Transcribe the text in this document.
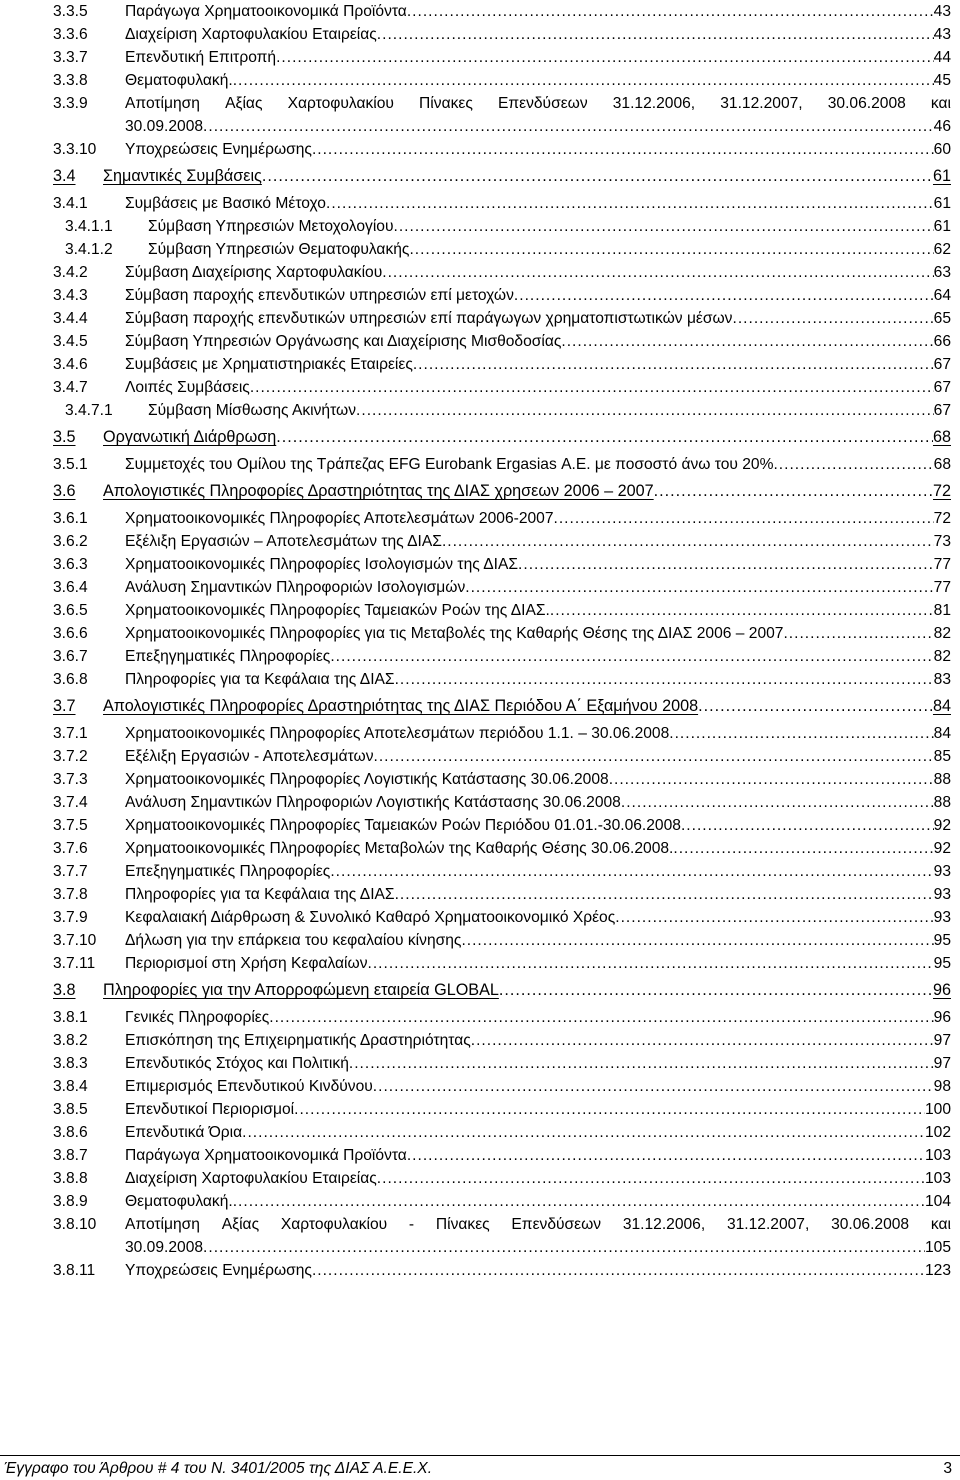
3.3.5 Παράγωγα Χρηματοοικονομικά Προϊόντα .....	43
3.3.6 Διαχείριση Χαρτοφυλακίου Εταιρείας .....	43
3.3.7 Επενδυτική Επιτροπή .....	44
3.3.8 Θεματοφυλακή. .....	45
3.3.9 Αποτίμηση Αξίας Χαρτοφυλακίου Πίνακες Επενδύσεων 31.12.2006, 31.12.2007, 30.06.2008 και
30.09.2008 .....	46
3.3.10 Υποχρεώσεις Ενημέρωσης .....	60
3.4 Σημαντικές Συμβάσεις .....	61
3.4.1 Συμβάσεις με Βασικό Μέτοχο .....	61
3.4.1.1 Σύμβαση Υπηρεσιών Μετοχολογίου .....	61
3.4.1.2 Σύμβαση Υπηρεσιών Θεματοφυλακής .....	62
3.4.2 Σύμβαση Διαχείρισης Χαρτοφυλακίου .....	63
3.4.3 Σύμβαση παροχής επενδυτικών υπηρεσιών επί μετοχών .....	64
3.4.4 Σύμβαση παροχής επενδυτικών υπηρεσιών επί παράγωγων χρηματοπιστωτικών μέσων .....	65
3.4.5 Σύμβαση Υπηρεσιών Οργάνωσης και Διαχείρισης Μισθοδοσίας .....	66
3.4.6 Συμβάσεις με Χρηματιστηριακές Εταιρείες .....	67
3.4.7 Λοιπές Συμβάσεις .....	67
3.4.7.1 Σύμβαση Μίσθωσης Ακινήτων .....	67
3.5 Οργανωτική Διάρθρωση .....	68
3.5.1 Συμμετοχές του Ομίλου της Τράπεζας EFG Eurobank Ergasias Α.Ε. με ποσοστό άνω του 20% .....	68
3.6 Απολογιστικές Πληροφορίες Δραστηριότητας της ΔΙΑΣ χρησεων 2006 – 2007 .....	72
3.6.1 Χρηματοοικονομικές Πληροφορίες Αποτελεσμάτων 2006-2007 .....	72
3.6.2 Εξέλιξη Εργασιών – Αποτελεσμάτων της ΔΙΑΣ .....	73
3.6.3 Χρηματοοικονομικές Πληροφορίες Ισολογισμών της ΔΙΑΣ .....	77
3.6.4 Ανάλυση Σημαντικών Πληροφοριών Ισολογισμών .....	77
3.6.5 Χρηματοοικονομικές Πληροφορίες Ταμειακών Ροών της ΔΙΑΣ. .....	81
3.6.6 Χρηματοοικονομικές Πληροφορίες για τις Μεταβολές της Καθαρής Θέσης της ΔΙΑΣ 2006 – 2007 .....	82
3.6.7 Επεξηγηματικές Πληροφορίες .....	82
3.6.8 Πληροφορίες για τα Κεφάλαια της ΔΙΑΣ .....	83
3.7 Απολογιστικές Πληροφορίες Δραστηριότητας της ΔΙΑΣ Περιόδου Α΄ Εξαμήνου 2008 .....	84
3.7.1 Χρηματοοικονομικές Πληροφορίες Αποτελεσμάτων περιόδου 1.1. – 30.06.2008 .....	84
3.7.2 Εξέλιξη Εργασιών - Αποτελεσμάτων .....	85
3.7.3 Χρηματοοικονομικές Πληροφορίες Λογιστικής Κατάστασης 30.06.2008 .....	88
3.7.4 Ανάλυση Σημαντικών Πληροφοριών Λογιστικής Κατάστασης 30.06.2008 .....	88
3.7.5 Χρηματοοικονομικές Πληροφορίες Ταμειακών Ροών Περιόδου 01.01.-30.06.2008 .....	92
3.7.6 Χρηματοοικονομικές Πληροφορίες Μεταβολών της Καθαρής Θέσης 30.06.2008. .....	92
3.7.7 Επεξηγηματικές Πληροφορίες .....	93
3.7.8 Πληροφορίες για τα Κεφάλαια της ΔΙΑΣ .....	93
3.7.9 Κεφαλαιακή Διάρθρωση & Συνολικό Καθαρό Χρηματοοικονομικό Χρέος .....	93
3.7.10 Δήλωση για την επάρκεια του κεφαλαίου κίνησης .....	95
3.7.11 Περιορισμοί στη Χρήση Κεφαλαίων .....	95
3.8 Πληροφορίες για την Απορροφώμενη εταιρεία GLOBAL .....	96
3.8.1 Γενικές Πληροφορίες .....	96
3.8.2 Επισκόπηση της Επιχειρηματικής Δραστηριότητας .....	97
3.8.3 Επενδυτικός Στόχος και Πολιτική .....	97
3.8.4 Επιμερισμός Επενδυτικού Κινδύνου .....	98
3.8.5 Επενδυτικοί Περιορισμοί .....	100
3.8.6 Επενδυτικά Όρια .....	102
3.8.7 Παράγωγα Χρηματοοικονομικά Προϊόντα .....	103
3.8.8 Διαχείριση Χαρτοφυλακίου Εταιρείας .....	103
3.8.9 Θεματοφυλακή. .....	104
3.8.10 Αποτίμηση Αξίας Χαρτοφυλακίου - Πίνακες Επενδύσεων 31.12.2006, 31.12.2007, 30.06.2008 και
30.09.2008 .....	105
3.8.11 Υποχρεώσεις Ενημέρωσης .....	123
Έγγραφο του Άρθρου # 4 του Ν. 3401/2005 της ΔΙΑΣ Α.Ε.Ε.Χ.	3
